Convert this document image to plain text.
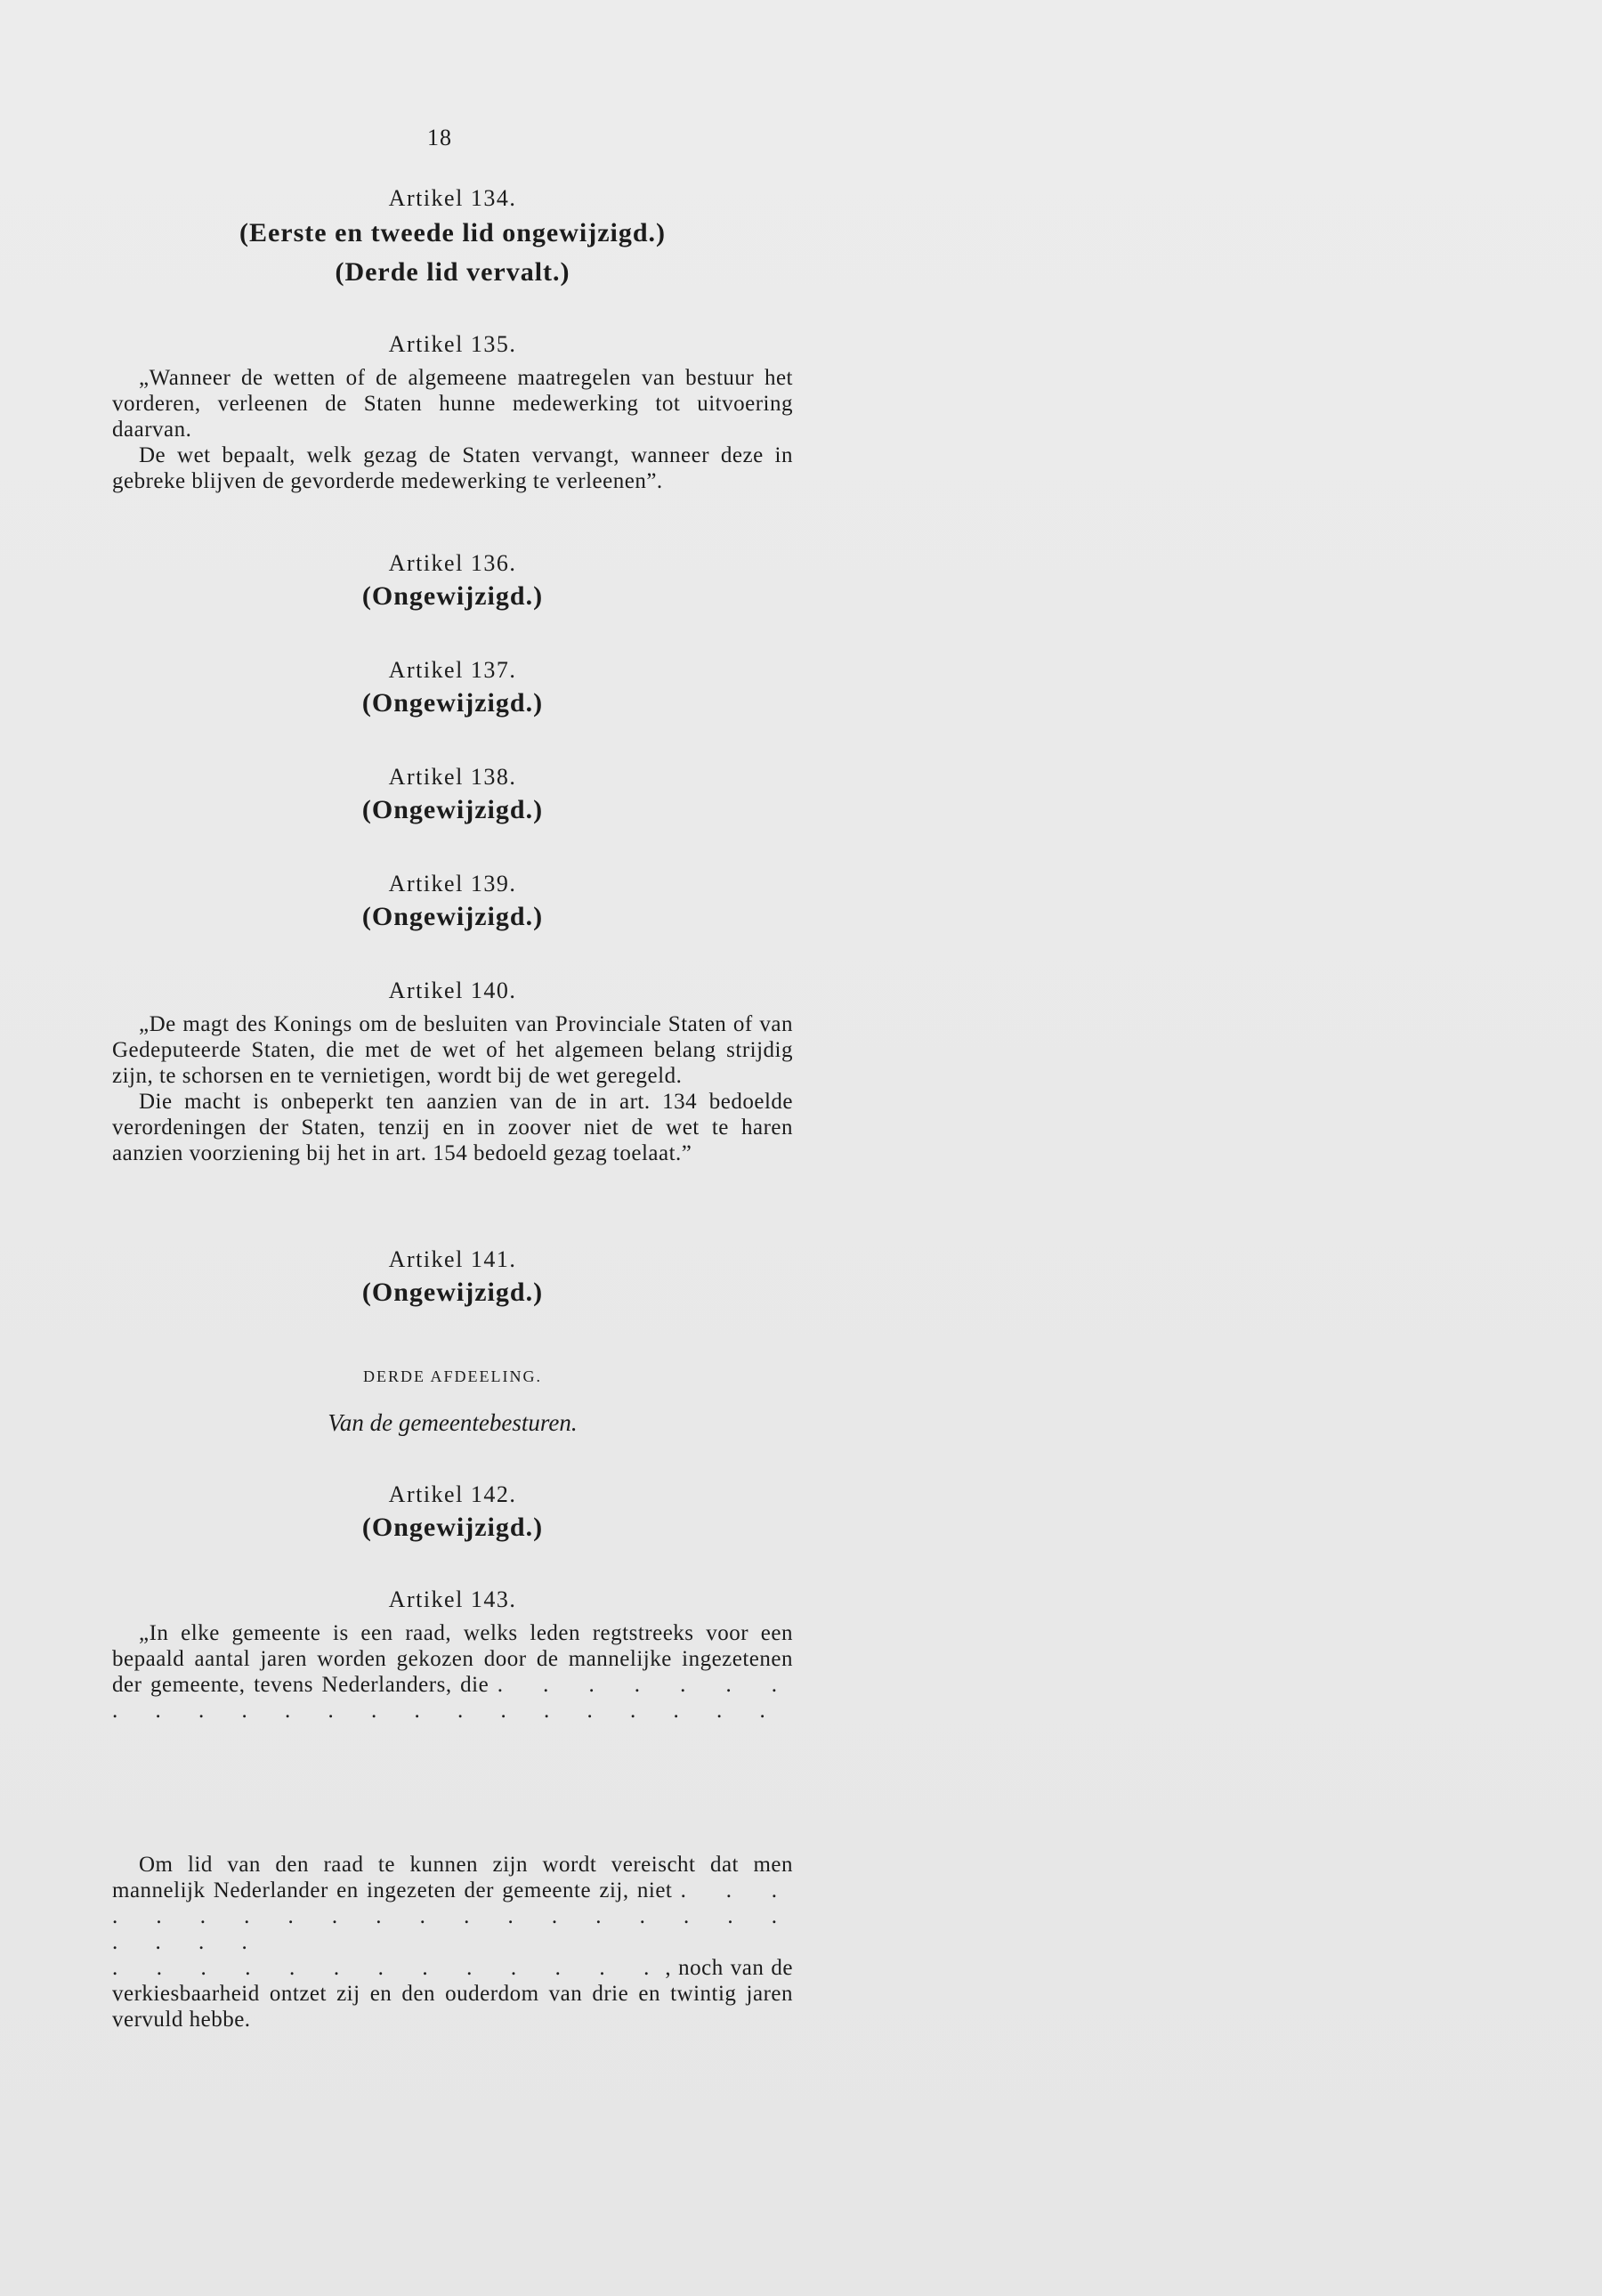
18

Artikel 134.

(Eerste en tweede lid ongewijzigd.)

(Derde lid vervalt.)

Artikel 135.

„Wanneer de wetten of de algemeene maatregelen van bestuur het vorderen, verleenen de Staten hunne medewerking tot uitvoering daarvan.
De wet bepaalt, welk gezag de Staten vervangt, wanneer deze in gebreke blijven de gevorderde medewerking te verleenen”.

Artikel 136.

(Ongewijzigd.)

Artikel 137.

(Ongewijzigd.)

Artikel 138.

(Ongewijzigd.)

Artikel 139.

(Ongewijzigd.)

Artikel 140.

„De magt des Konings om de besluiten van Provinciale Staten of van Gedeputeerde Staten, die met de wet of het algemeen belang strijdig zijn, te schorsen en te vernietigen, wordt bij de wet geregeld.
Die macht is onbeperkt ten aanzien van de in art. 134 bedoelde verordeningen der Staten, tenzij en in zoover niet de wet te haren aanzien voorziening bij het in art. 154 bedoeld gezag toelaat.”

Artikel 141.

(Ongewijzigd.)

DERDE AFDEELING.

Van de gemeentebesturen.

Artikel 142.

(Ongewijzigd.)

Artikel 143.

„In elke gemeente is een raad, welks leden regtstreeks voor een bepaald aantal jaren worden gekozen door de mannelijke ingezetenen der gemeente, tevens Nederlanders, die . . . . . . . . . . . . . . . . . . . . . . .
Om lid van den raad te kunnen zijn wordt vereischt dat men mannelijk Nederlander en ingezeten der gemeente zij, niet . . . . . . . . . . . . . . . . . . . . . . .
. . . . . . . . . . . . ., noch van de verkiesbaarheid ontzet zij en den ouderdom van drie en twintig jaren vervuld hebbe.
